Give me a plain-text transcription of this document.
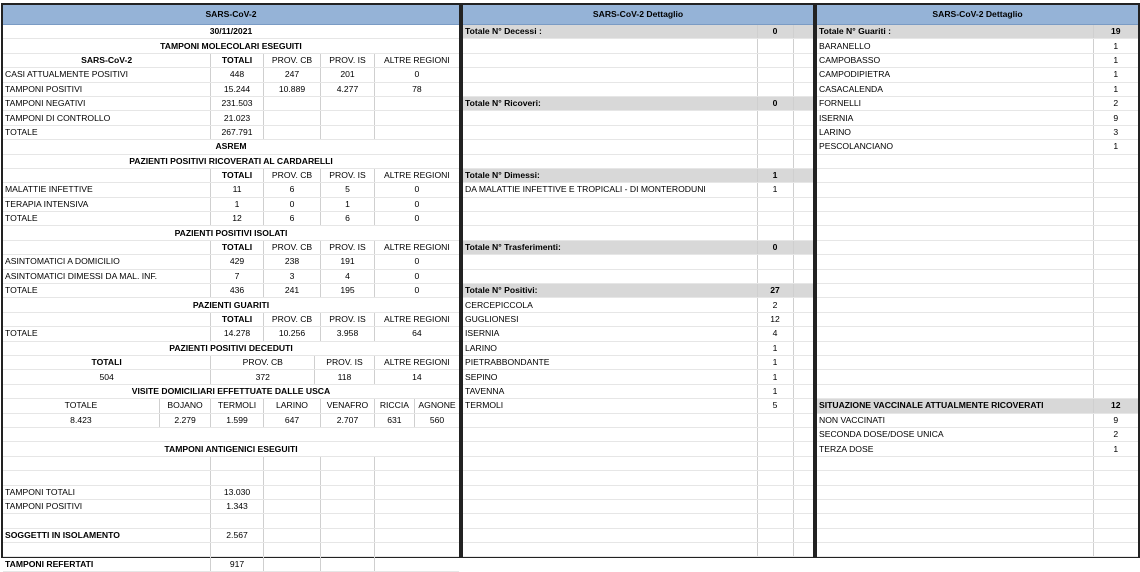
SARS-CoV-2				
30/11/2021				
TAMPONI MOLECOLARI ESEGUITI				
SARS-CoV-2	TOTALI	PROV. CB	PROV. IS	ALTRE REGIONI
CASI ATTUALMENTE POSITIVI	448	247	201	0
TAMPONI POSITIVI	15.244	10.889	4.277	78
TAMPONI NEGATIVI	231.503			
TAMPONI DI CONTROLLO	21.023			
TOTALE	267.791			
ASREM				
PAZIENTI POSITIVI RICOVERATI AL CARDARELLI				
	TOTALI	PROV. CB	PROV. IS	ALTRE REGIONI
MALATTIE INFETTIVE	11	6	5	0
TERAPIA INTENSIVA	1	0	1	0
TOTALE	12	6	6	0
PAZIENTI POSITIVI ISOLATI				
	TOTALI	PROV. CB	PROV. IS	ALTRE REGIONI
ASINTOMATICI A DOMICILIO	429	238	191	0
ASINTOMATICI DIMESSI DA MAL. INF.	7	3	4	0
TOTALE	436	241	195	0
PAZIENTI GUARITI				
	TOTALI	PROV. CB	PROV. IS	ALTRE REGIONI
TOTALE	14.278	10.256	3.958	64
PAZIENTI POSITIVI DECEDUTI				
TOTALI	PROV. CB	PROV. IS	ALTRE REGIONI
504	372	118	14
VISITE DOMICILIARI EFFETTUATE DALLE USCA			
TOTALE	BOJANO	TERMOLI	LARINO	VENAFRO	RICCIA	AGNONE
8.423	2.279	1.599	647	2.707	631	560

TAMPONI ANTIGENICI ESEGUITI				

TAMPONI TOTALI	13.030			
TAMPONI POSITIVI	1.343			

SOGGETTI IN ISOLAMENTO	2.567			

TAMPONI REFERTATI	917			
SARS-CoV-2 Dettaglio		
Totale N° Decessi :	0	

Totale N° Ricoveri:	0	

Totale N° Dimessi:	1	
DA MALATTIE INFETTIVE E TROPICALI - DI MONTERODUNI	1	

Totale N° Trasferimenti:	0	

Totale N° Positivi:	27	
CERCEPICCOLA	2	
GUGLIONESI	12	
ISERNIA	4	
LARINO	1	
PIETRABBONDANTE	1	
SEPINO	1	
TAVENNA	1	
TERMOLI	5	

SARS-CoV-2 Dettaglio	
Totale N° Guariti :	19
BARANELLO	1
CAMPOBASSO	1
CAMPODIPIETRA	1
CASACALENDA	1
FORNELLI	2
ISERNIA	9
LARINO	3
PESCOLANCIANO	1

SITUAZIONE VACCINALE ATTUALMENTE RICOVERATI	12
NON VACCINATI	9
SECONDA DOSE/DOSE UNICA	2
TERZA DOSE	1
